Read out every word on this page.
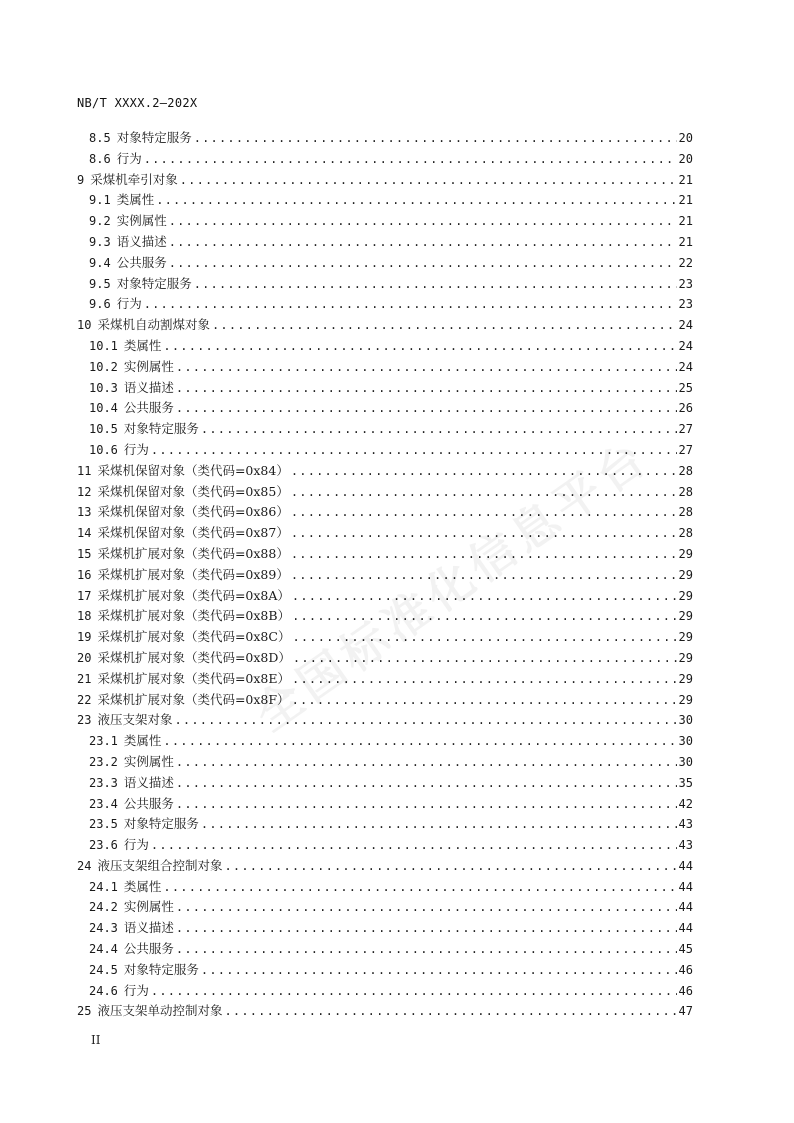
NB/T XXXX.2—202X
8.5 对象特定服务 .....	20
8.6 行为 .....	20
9 采煤机牵引对象 .....	21
9.1 类属性 .....	21
9.2 实例属性 .....	21
9.3 语义描述 .....	21
9.4 公共服务 .....	22
9.5 对象特定服务 .....	23
9.6 行为 .....	23
10 采煤机自动割煤对象 .....	24
10.1 类属性 .....	24
10.2 实例属性 .....	24
10.3 语义描述 .....	25
10.4 公共服务 .....	26
10.5 对象特定服务 .....	27
10.6 行为 .....	27
11 采煤机保留对象（类代码=0x84） .....	28
12 采煤机保留对象（类代码=0x85） .....	28
13 采煤机保留对象（类代码=0x86） .....	28
14 采煤机保留对象（类代码=0x87） .....	28
15 采煤机扩展对象（类代码=0x88） .....	29
16 采煤机扩展对象（类代码=0x89） .....	29
17 采煤机扩展对象（类代码=0x8A） .....	29
18 采煤机扩展对象（类代码=0x8B） .....	29
19 采煤机扩展对象（类代码=0x8C） .....	29
20 采煤机扩展对象（类代码=0x8D） .....	29
21 采煤机扩展对象（类代码=0x8E） .....	29
22 采煤机扩展对象（类代码=0x8F） .....	29
23 液压支架对象 .....	30
23.1 类属性 .....	30
23.2 实例属性 .....	30
23.3 语义描述 .....	35
23.4 公共服务 .....	42
23.5 对象特定服务 .....	43
23.6 行为 .....	43
24 液压支架组合控制对象 .....	44
24.1 类属性 .....	44
24.2 实例属性 .....	44
24.3 语义描述 .....	44
24.4 公共服务 .....	45
24.5 对象特定服务 .....	46
24.6 行为 .....	46
25 液压支架单动控制对象 .....	47
II
全国标准化信息平台
